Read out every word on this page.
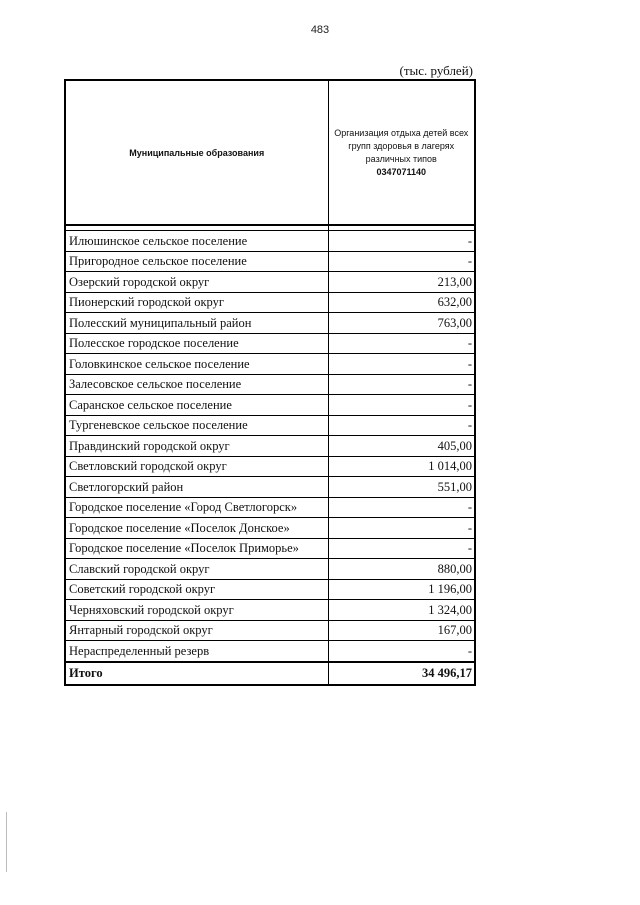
483
(тыс. рублей)
Муниципальные образования	Организация отдыха детей всех групп здоровья в лагерях различных типов
0347071140

Илюшинское сельское поселение	-
Пригородное сельское поселение	-
Озерский городской округ	213,00
Пионерский городской округ	632,00
Полесский муниципальный район	763,00
Полесское городское поселение	-
Головкинское сельское поселение	-
Залесовское сельское поселение	-
Саранское сельское поселение	-
Тургеневское сельское поселение	-
Правдинский городской округ	405,00
Светловский городской округ	1 014,00
Светлогорский район	551,00
Городское поселение «Город Светлогорск»	-
Городское поселение «Поселок Донское»	-
Городское поселение «Поселок Приморье»	-
Славский городской округ	880,00
Советский городской округ	1 196,00
Черняховский городской округ	1 324,00
Янтарный городской округ	167,00
Нераспределенный резерв	-
Итого	34 496,17
